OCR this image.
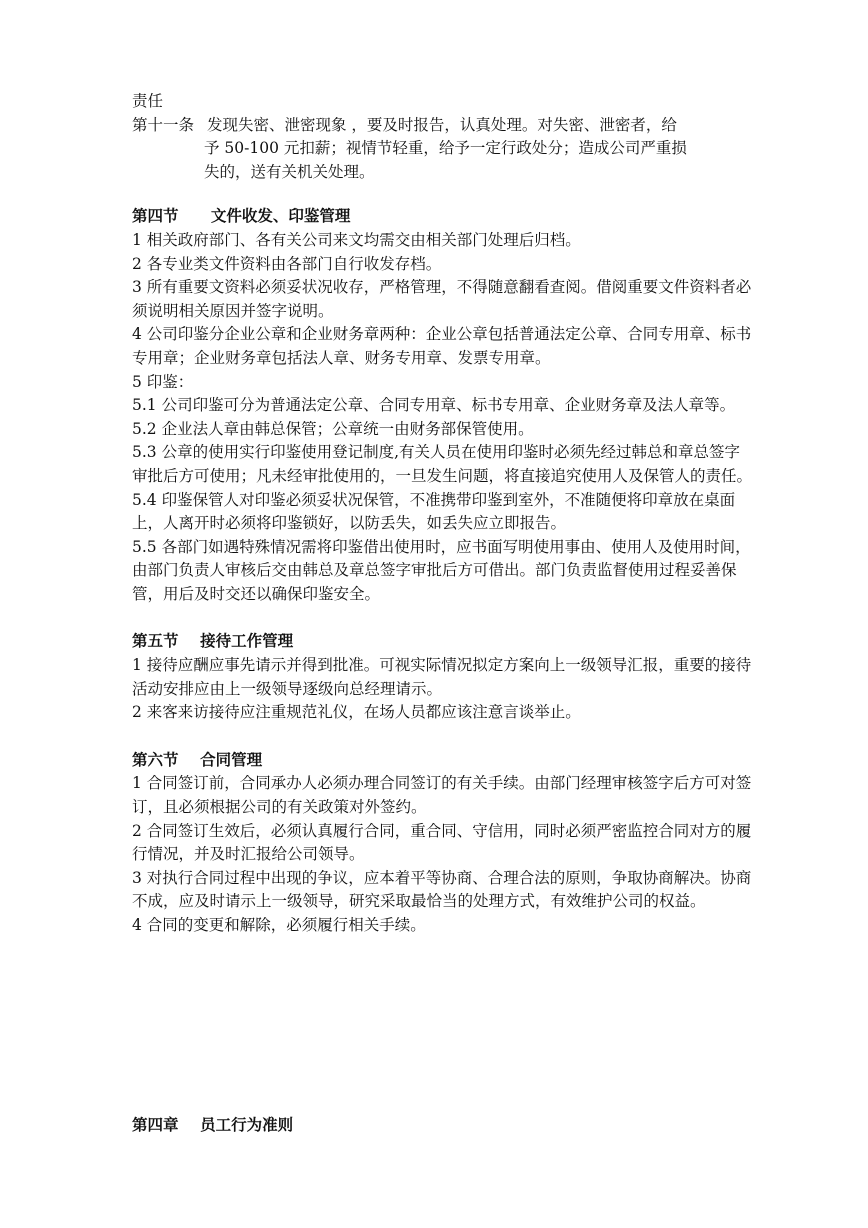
责任

第十一条 发现失密、泄密现象 ，要及时报告，认真处理。对失密、泄密者，给

予 50-100 元扣薪；视情节轻重，给予一定行政处分；造成公司严重损

失的，送有关机关处理。

第四节      文件收发、印鉴管理

1 相关政府部门、各有关公司来文均需交由相关部门处理后归档。

2 各专业类文件资料由各部门自行收发存档。

3 所有重要文资料必须妥状况收存，严格管理，不得随意翻看查阅。借阅重要文件资料者必须说明相关原因并签字说明。

4 公司印鉴分企业公章和企业财务章两种：企业公章包括普通法定公章、合同专用章、标书专用章；企业财务章包括法人章、财务专用章、发票专用章。

5 印鉴：

5.1 公司印鉴可分为普通法定公章、合同专用章、标书专用章、企业财务章及法人章等。

5.2 企业法人章由韩总保管；公章统一由财务部保管使用。

5.3 公章的使用实行印鉴使用登记制度,有关人员在使用印鉴时必须先经过韩总和章总签字审批后方可使用；凡未经审批使用的，一旦发生问题，将直接追究使用人及保管人的责任。

5.4 印鉴保管人对印鉴必须妥状况保管，不准携带印鉴到室外，不准随便将印章放在桌面上，人离开时必须将印鉴锁好，以防丢失，如丢失应立即报告。

5.5 各部门如遇特殊情况需将印鉴借出使用时，应书面写明使用事由、使用人及使用时间，由部门负责人审核后交由韩总及章总签字审批后方可借出。部门负责监督使用过程妥善保管，用后及时交还以确保印鉴安全。

第五节    接待工作管理

1 接待应酬应事先请示并得到批准。可视实际情况拟定方案向上一级领导汇报，重要的接待活动安排应由上一级领导逐级向总经理请示。

2 来客来访接待应注重规范礼仪，在场人员都应该注意言谈举止。

第六节    合同管理

1 合同签订前，合同承办人必须办理合同签订的有关手续。由部门经理审核签字后方可对签订，且必须根据公司的有关政策对外签约。

2 合同签订生效后，必须认真履行合同，重合同、守信用，同时必须严密监控合同对方的履行情况，并及时汇报给公司领导。

3 对执行合同过程中出现的争议，应本着平等协商、合理合法的原则，争取协商解决。协商不成，应及时请示上一级领导，研究采取最恰当的处理方式，有效维护公司的权益。

4 合同的变更和解除，必须履行相关手续。

第四章    员工行为准则
